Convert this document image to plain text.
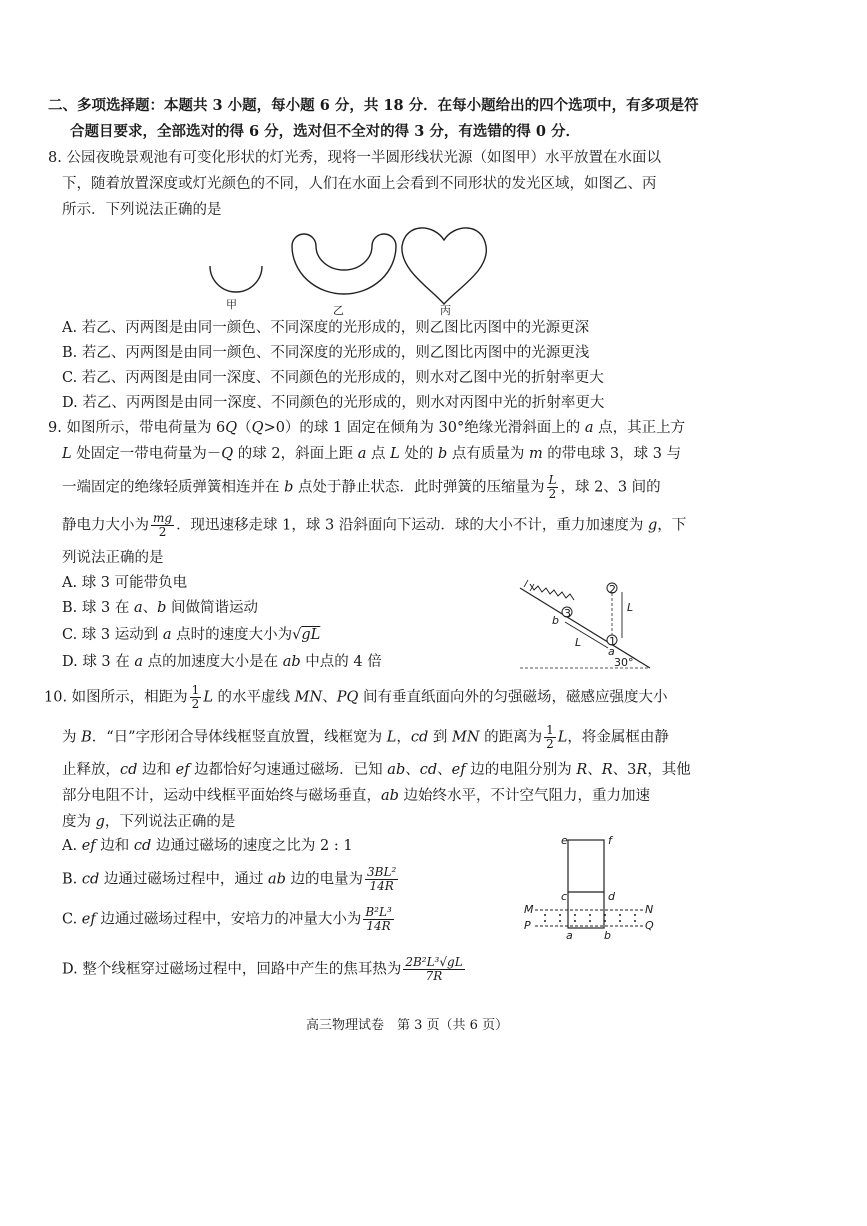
二、多项选择题：本题共 3 小题，每小题 6 分，共 18 分．在每小题给出的四个选项中，有多项是符
合题目要求，全部选对的得 6 分，选对但不全对的得 3 分，有选错的得 0 分．
8. 公园夜晚景观池有可变化形状的灯光秀，现将一半圆形线状光源（如图甲）水平放置在水面以
下，随着放置深度或灯光颜色的不同，人们在水面上会看到不同形状的发光区域，如图乙、丙
所示．下列说法正确的是
甲	乙	丙
A. 若乙、丙两图是由同一颜色、不同深度的光形成的，则乙图比丙图中的光源更深
B. 若乙、丙两图是由同一颜色、不同深度的光形成的，则乙图比丙图中的光源更浅
C. 若乙、丙两图是由同一深度、不同颜色的光形成的，则水对乙图中光的折射率更大
D. 若乙、丙两图是由同一深度、不同颜色的光形成的，则水对丙图中光的折射率更大
9. 如图所示，带电荷量为 6Q（Q>0）的球 1 固定在倾角为 30°绝缘光滑斜面上的 a 点，其正上方
L 处固定一带电荷量为－Q 的球 2，斜面上距 a 点 L 处的 b 点有质量为 m 的带电球 3，球 3 与
一端固定的绝缘轻质弹簧相连并在 b 点处于静止状态．此时弹簧的压缩量为 $\frac{L}{2}$ ，球 2、3 间的
静电力大小为 $\frac{mg}{2}$ ．现迅速移走球 1，球 3 沿斜面向下运动．球的大小不计，重力加速度为 g，下
列说法正确的是
A. 球 3 可能带负电
B. 球 3 在 a、b 间做简谐运动
C. 球 3 运动到 a 点时的速度大小为√gL
D. 球 3 在 a 点的加速度大小是在 ab 中点的 4 倍
3
2
1
L
L
b
a
30°
10. 如图所示，相距为 $\frac{1}{2}$ L 的水平虚线 MN、PQ 间有垂直纸面向外的匀强磁场，磁感应强度大小
为 B．“日”字形闭合导体线框竖直放置，线框宽为 L，cd 到 MN 的距离为 $\frac{1}{2}$ L，将金属框由静
止释放，cd 边和 ef 边都恰好匀速通过磁场．已知 ab、cd、ef 边的电阻分别为 R、R、3R，其他
部分电阻不计，运动中线框平面始终与磁场垂直，ab 边始终水平，不计空气阻力，重力加速
度为 g，下列说法正确的是
A. ef 边和 cd 边通过磁场的速度之比为 2 : 1
B. cd 边通过磁场过程中，通过 ab 边的电量为 $\frac{\text{3BL²}}{14R}$
C. ef 边通过磁场过程中，安培力的冲量大小为 $\frac{\text{B²L³}}{14R}$
D. 整个线框穿过磁场过程中，回路中产生的焦耳热为 $\frac{\text{2B²L³√gL}}{7R}$
e	f
c	d
M	N
P	Q
a	b
高三物理试卷　第 3 页（共 6 页）
